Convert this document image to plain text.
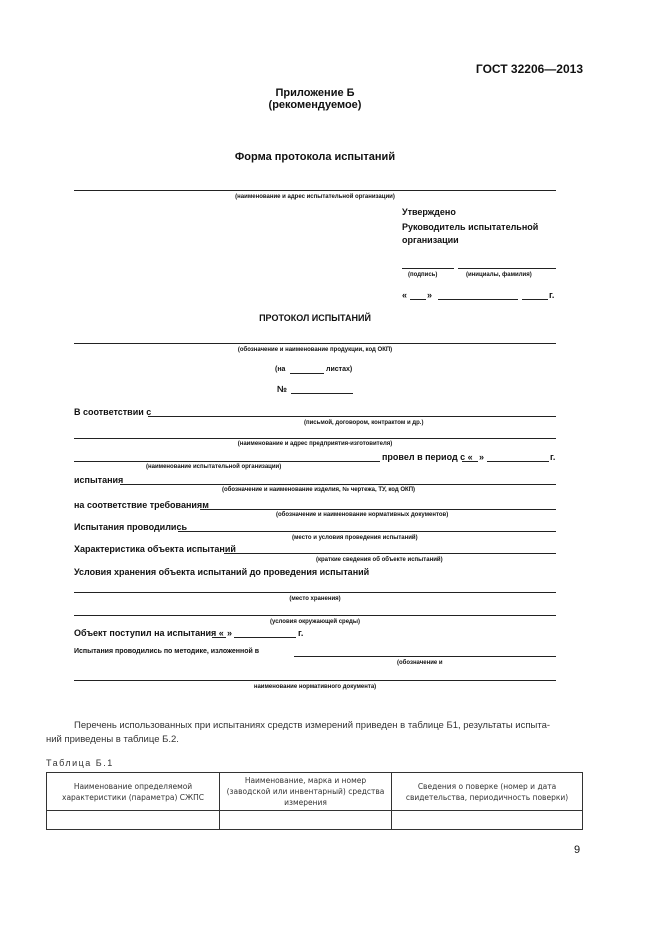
ГОСТ 32206—2013
Приложение Б
(рекомендуемое)
Форма протокола испытаний
(наименование и адрес испытательной организации)
Утверждено
Руководитель испытательной
организации
(подпись)	(инициалы, фамилия)
« »	г.
ПРОТОКОЛ ИСПЫТАНИЙ
(обозначение и наименование продукции, код ОКП)
(на	листах)
№
В соответствии с
(письмой, договором, контрактом и др.)
(наименование и адрес предприятия-изготовителя)
провел в период с « »	г.
(наименование испытательной организации)
испытания
(обозначение и наименование изделия, № чертежа, ТУ, код ОКП)
на соответствие требованиям
(обозначение и наименование нормативных документов)
Испытания проводились
(место и условия проведения испытаний)
Характеристика объекта испытаний
(краткие сведения об объекте испытаний)
Условия хранения объекта испытаний до проведения испытаний
(место хранения)
(условия окружающей среды)
Объект поступил на испытания « »	г.
Испытания проводились по методике, изложенной в
(обозначение и
наименование нормативного документа)
Перечень использованных при испытаниях средств измерений приведен в таблице Б1, результаты испыта-
ний приведены в таблице Б.2.
Таблица Б.1
Наименование определяемой характеристики (параметра) СЖПС	Наименование, марка и номер (заводской или инвентарный) средства измерения	Сведения о поверке (номер и дата свидетельства, периодичность поверки)

9
